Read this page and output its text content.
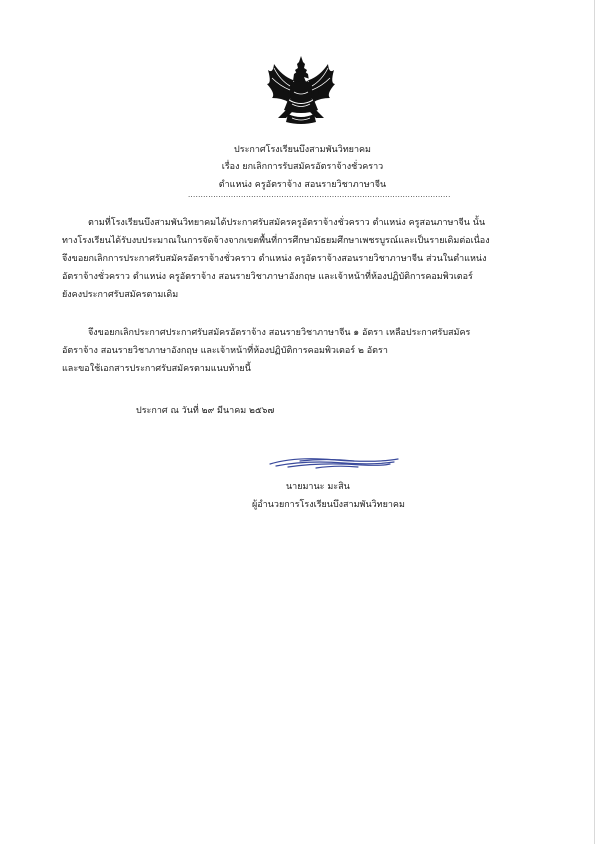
ประกาศโรงเรียนบึงสามพันวิทยาคม
เรื่อง ยกเลิกการรับสมัครอัตราจ้างชั่วคราว
ตำแหน่ง ครูอัตราจ้าง สอนรายวิชาภาษาจีน
........................................................................................................
ตามที่โรงเรียนบึงสามพันวิทยาคมได้ประกาศรับสมัครครูอัตราจ้างชั่วคราว ตำแหน่ง ครูสอนภาษาจีน นั้น
ทางโรงเรียนได้รับงบประมาณในการจัดจ้างจากเขตพื้นที่การศึกษามัธยมศึกษาเพชรบูรณ์และเป็นรายเดิมต่อเนื่อง
จึงขอยกเลิกการประกาศรับสมัครอัตราจ้างชั่วคราว ตำแหน่ง ครูอัตราจ้างสอนรายวิชาภาษาจีน ส่วนในตำแหน่ง
อัตราจ้างชั่วคราว ตำแหน่ง ครูอัตราจ้าง สอนรายวิชาภาษาอังกฤษ และเจ้าหน้าที่ห้องปฏิบัติการคอมพิวเตอร์
ยังคงประกาศรับสมัครตามเดิม
จึงขอยกเลิกประกาศประกาศรับสมัครอัตราจ้าง สอนรายวิชาภาษาจีน ๑ อัตรา เหลือประกาศรับสมัคร
อัตราจ้าง สอนรายวิชาภาษาอังกฤษ และเจ้าหน้าที่ห้องปฏิบัติการคอมพิวเตอร์ ๒ อัตรา
และขอใช้เอกสารประกาศรับสมัครตามแนบท้ายนี้
ประกาศ ณ วันที่ ๒๙ มีนาคม ๒๕๖๗
นายมานะ มะสิน
ผู้อำนวยการโรงเรียนบึงสามพันวิทยาคม
